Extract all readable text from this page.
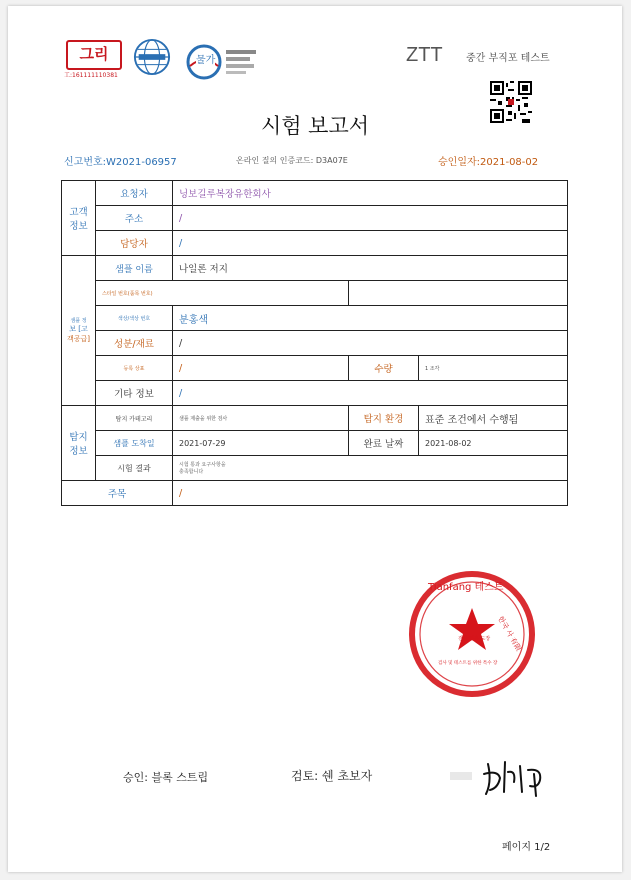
그리
工:161111110381
물가	ZTT 중간 부직포 테스트
시험 보고서
신고번호:W2021-06957	온라인 질의 인증코드: D3A07E	승인일자:2021-08-02
고객 정보	요청자	닝보길루복장유한회사		
	주소	/		
	담당자	/		

샘플 정
보 [고
객공급]	샘플 이름	나일론 저지		
	스타일 번호(품목 번호)			
	색상/색상 번호	분홍색		
	성분/재료	/		
	등록 상표	/	수량	1 조각
	기타 정보	/		
탐지 정보	탐지 카테고리	샘플 제출을 위한 검사	탐지 환경	표준 조건에서 수행됨
	샘플 도착일	2021-07-29	완료 날짜	2021-08-02
	시험 결과	시험 통과 요구사항을
충족합니다		

주목		/		
Tianfang 테스트
검사 전용 도장
검사 및 테스트를 위한 특수 장
한국 사 有限
승인: 블록 스트립	검토: 쉔 초보자
페이지 1/2
